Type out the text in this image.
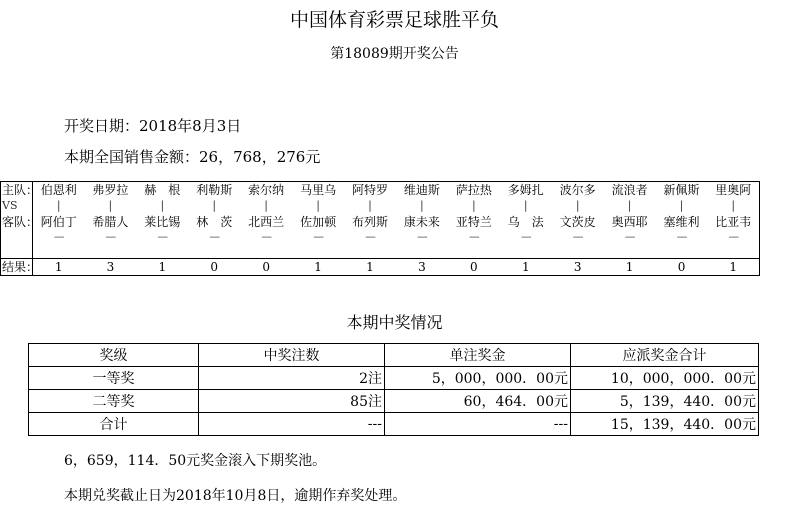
中国体育彩票足球胜平负
第18089期开奖公告
开奖日期：2018年8月3日
本期全国销售金额：26，768，276元
主队：	伯恩利	弗罗拉	赫　根	利勒斯	索尔纳	马里乌	阿特罗	维迪斯	萨拉热	多姆扎	波尔多	流浪者	新佩斯	里奥阿
VS	|	|	|	|	|	|	|	|	|	|	|	|	|	|
客队：	阿伯丁	希腊人	莱比锡	林　茨	北西兰	佐加顿	布列斯	康未来	亚特兰	乌　法	文茨皮	奥西耶	塞维利	比亚韦
	----	----	----	----	----	----	----	----	----	----	----	----	----	----

结果：	1	3	1	0	0	1	1	3	0	1	3	1	0	1
本期中奖情况
奖级	中奖注数	单注奖金	应派奖金合计
一等奖	2注	5，000，000．00元	10，000，000．00元
二等奖	85注	60，464．00元	5，139，440．00元
合计	---	---	15，139，440．00元
6，659，114．50元奖金滚入下期奖池。
本期兑奖截止日为2018年10月8日，逾期作弃奖处理。
